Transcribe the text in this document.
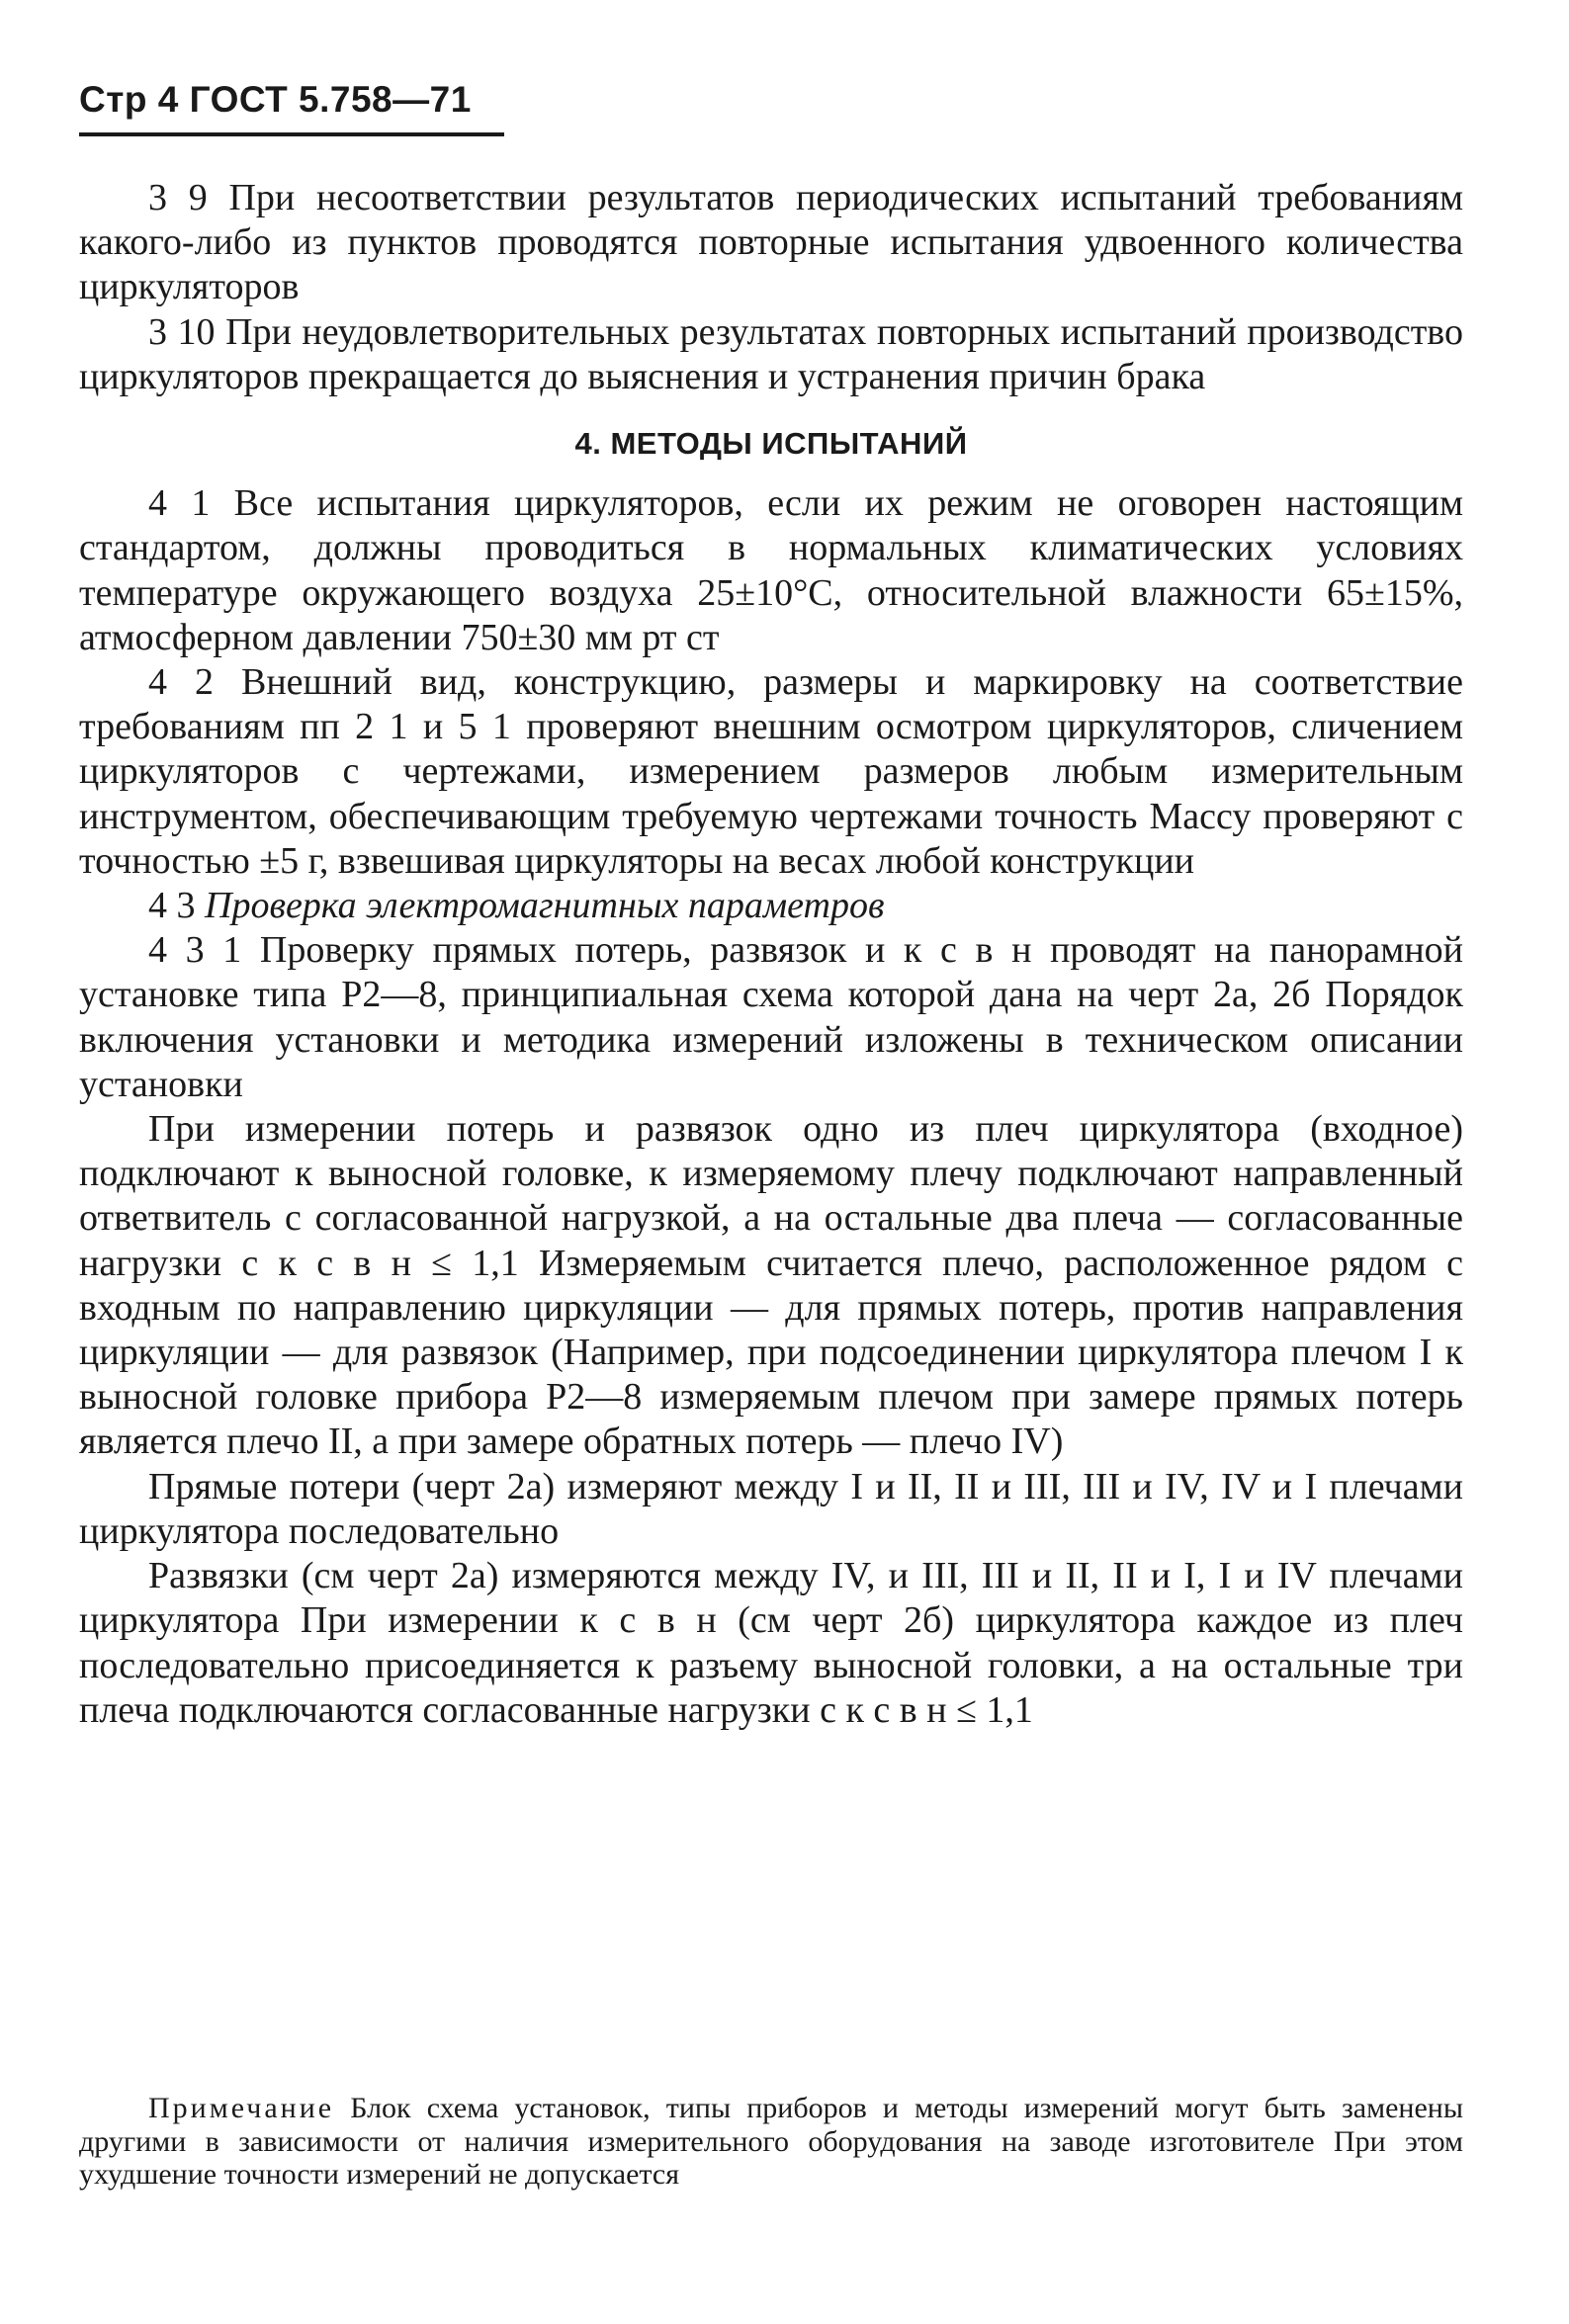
Стр 4 ГОСТ 5.758—71

3 9 При несоответствии результатов периодических испытаний требованиям какого-либо из пунктов проводятся повторные испытания удвоенного количества циркуляторов

3 10 При неудовлетворительных результатах повторных испытаний производство циркуляторов прекращается до выяснения и устранения причин брака

4. МЕТОДЫ ИСПЫТАНИЙ

4 1 Все испытания циркуляторов, если их режим не оговорен настоящим стандартом, должны проводиться в нормальных климатических условиях температуре окружающего воздуха 25±10°С, относительной влажности 65±15%, атмосферном давлении 750±30 мм рт ст

4 2 Внешний вид, конструкцию, размеры и маркировку на соответствие требованиям пп 2 1 и 5 1 проверяют внешним осмотром циркуляторов, сличением циркуляторов с чертежами, измерением размеров любым измерительным инструментом, обеспечивающим требуемую чертежами точность Массу проверяют с точностью ±5 г, взвешивая циркуляторы на весах любой конструкции

4 3 Проверка электромагнитных параметров

4 3 1 Проверку прямых потерь, развязок и к с в н проводят на панорамной установке типа Р2—8, принципиальная схема которой дана на черт 2а, 2б Порядок включения установки и методика измерений изложены в техническом описании установки

При измерении потерь и развязок одно из плеч циркулятора (входное) подключают к выносной головке, к измеряемому плечу подключают направленный ответвитель с согласованной нагрузкой, а на остальные два плеча — согласованные нагрузки с к с в н ≤ 1,1 Измеряемым считается плечо, расположенное рядом с входным по направлению циркуляции — для прямых потерь, против направления циркуляции — для развязок (Например, при подсоединении циркулятора плечом I к выносной головке прибора Р2—8 измеряемым плечом при замере прямых потерь является плечо II, а при замере обратных потерь — плечо IV)

Прямые потери (черт 2а) измеряют между I и II, II и III, III и IV, IV и I плечами циркулятора последовательно

Развязки (см черт 2а) измеряются между IV, и III, III и II, II и I, I и IV плечами циркулятора При измерении к с в н (см черт 2б) циркулятора каждое из плеч последовательно присоединяется к разъему выносной головки, а на остальные три плеча подключаются согласованные нагрузки с к с в н ≤ 1,1

Примечание Блок схема установок, типы приборов и методы измерений могут быть заменены другими в зависимости от наличия измерительного оборудования на заводе изготовителе При этом ухудшение точности измерений не допускается
